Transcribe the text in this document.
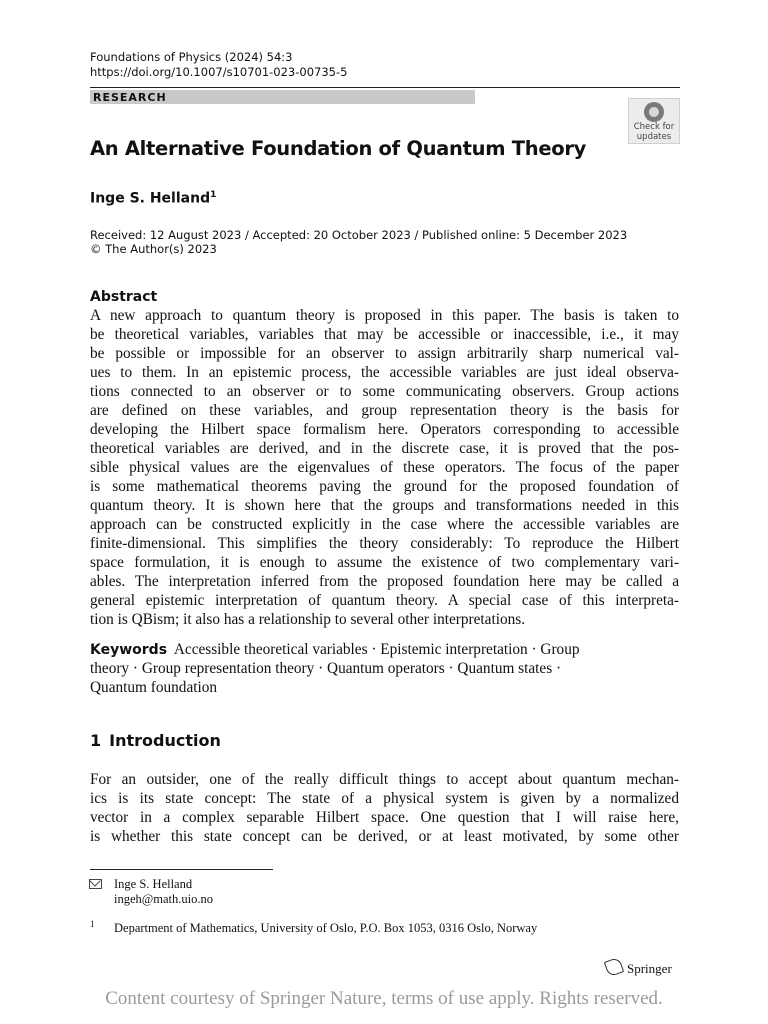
Foundations of Physics (2024) 54:3
https://doi.org/10.1007/s10701-023-00735-5
RESEARCH
Check for
updates
An Alternative Foundation of Quantum Theory
Inge S. Helland$^1$
Received: 12 August 2023 / Accepted: 20 October 2023 / Published online: 5 December 2023
© The Author(s) 2023
Abstract
A new approach to quantum theory is proposed in this paper. The basis is taken to
be theoretical variables, variables that may be accessible or inaccessible, i.e., it may
be possible or impossible for an observer to assign arbitrarily sharp numerical val-
ues to them. In an epistemic process, the accessible variables are just ideal observa-
tions connected to an observer or to some communicating observers. Group actions
are defined on these variables, and group representation theory is the basis for
developing the Hilbert space formalism here. Operators corresponding to accessible
theoretical variables are derived, and in the discrete case, it is proved that the pos-
sible physical values are the eigenvalues of these operators. The focus of the paper
is some mathematical theorems paving the ground for the proposed foundation of
quantum theory. It is shown here that the groups and transformations needed in this
approach can be constructed explicitly in the case where the accessible variables are
finite-dimensional. This simplifies the theory considerably: To reproduce the Hilbert
space formulation, it is enough to assume the existence of two complementary vari-
ables. The interpretation inferred from the proposed foundation here may be called a
general epistemic interpretation of quantum theory. A special case of this interpreta-
tion is QBism; it also has a relationship to several other interpretations.
Keywords Accessible theoretical variables · Epistemic interpretation · Group
theory · Group representation theory · Quantum operators · Quantum states ·
Quantum foundation
1 Introduction
For an outsider, one of the really difficult things to accept about quantum mechan-
ics is its state concept: The state of a physical system is given by a normalized
vector in a complex separable Hilbert space. One question that I will raise here,
is whether this state concept can be derived, or at least motivated, by some other
Inge S. Helland
ingeh@math.uio.no
1 Department of Mathematics, University of Oslo, P.O. Box 1053, 0316 Oslo, Norway
Springer
Content courtesy of Springer Nature, terms of use apply. Rights reserved.
